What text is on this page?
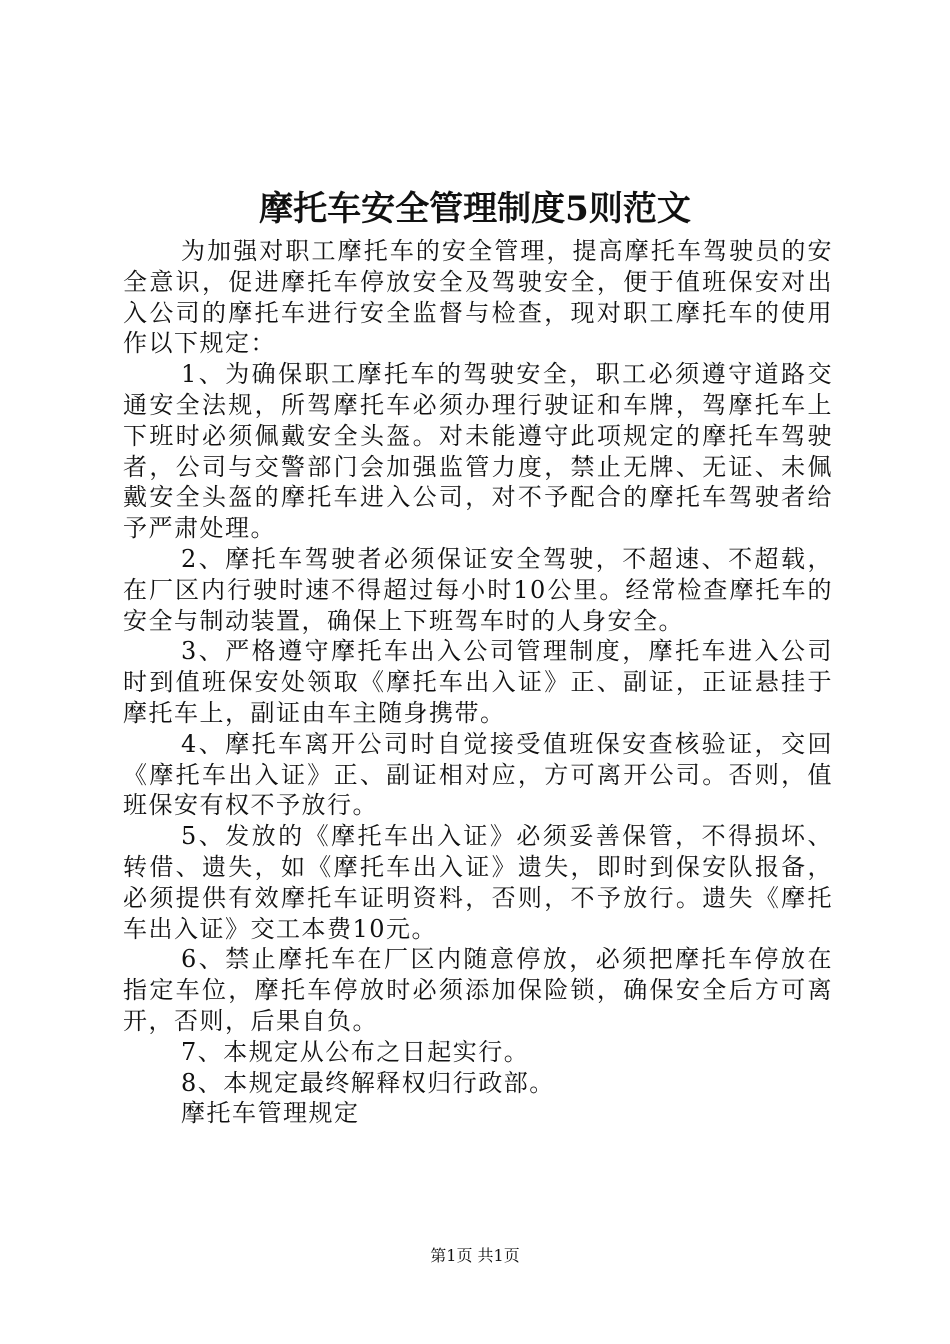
摩托车安全管理制度5则范文

为加强对职工摩托车的安全管理，提高摩托车驾驶员的安全意识，促进摩托车停放安全及驾驶安全，便于值班保安对出入公司的摩托车进行安全监督与检查，现对职工摩托车的使用作以下规定：

1、为确保职工摩托车的驾驶安全，职工必须遵守道路交通安全法规，所驾摩托车必须办理行驶证和车牌，驾摩托车上下班时必须佩戴安全头盔。对未能遵守此项规定的摩托车驾驶者，公司与交警部门会加强监管力度，禁止无牌、无证、未佩戴安全头盔的摩托车进入公司，对不予配合的摩托车驾驶者给予严肃处理。

2、摩托车驾驶者必须保证安全驾驶，不超速、不超载，在厂区内行驶时速不得超过每小时10公里。经常检查摩托车的安全与制动装置，确保上下班驾车时的人身安全。

3、严格遵守摩托车出入公司管理制度，摩托车进入公司时到值班保安处领取《摩托车出入证》正、副证，正证悬挂于摩托车上，副证由车主随身携带。

4、摩托车离开公司时自觉接受值班保安查核验证，交回《摩托车出入证》正、副证相对应，方可离开公司。否则，值班保安有权不予放行。

5、发放的《摩托车出入证》必须妥善保管，不得损坏、转借、遗失，如《摩托车出入证》遗失，即时到保安队报备，必须提供有效摩托车证明资料，否则，不予放行。遗失《摩托车出入证》交工本费10元。

6、禁止摩托车在厂区内随意停放，必须把摩托车停放在指定车位，摩托车停放时必须添加保险锁，确保安全后方可离开，否则，后果自负。

7、本规定从公布之日起实行。

8、本规定最终解释权归行政部。

摩托车管理规定

第1页 共1页
